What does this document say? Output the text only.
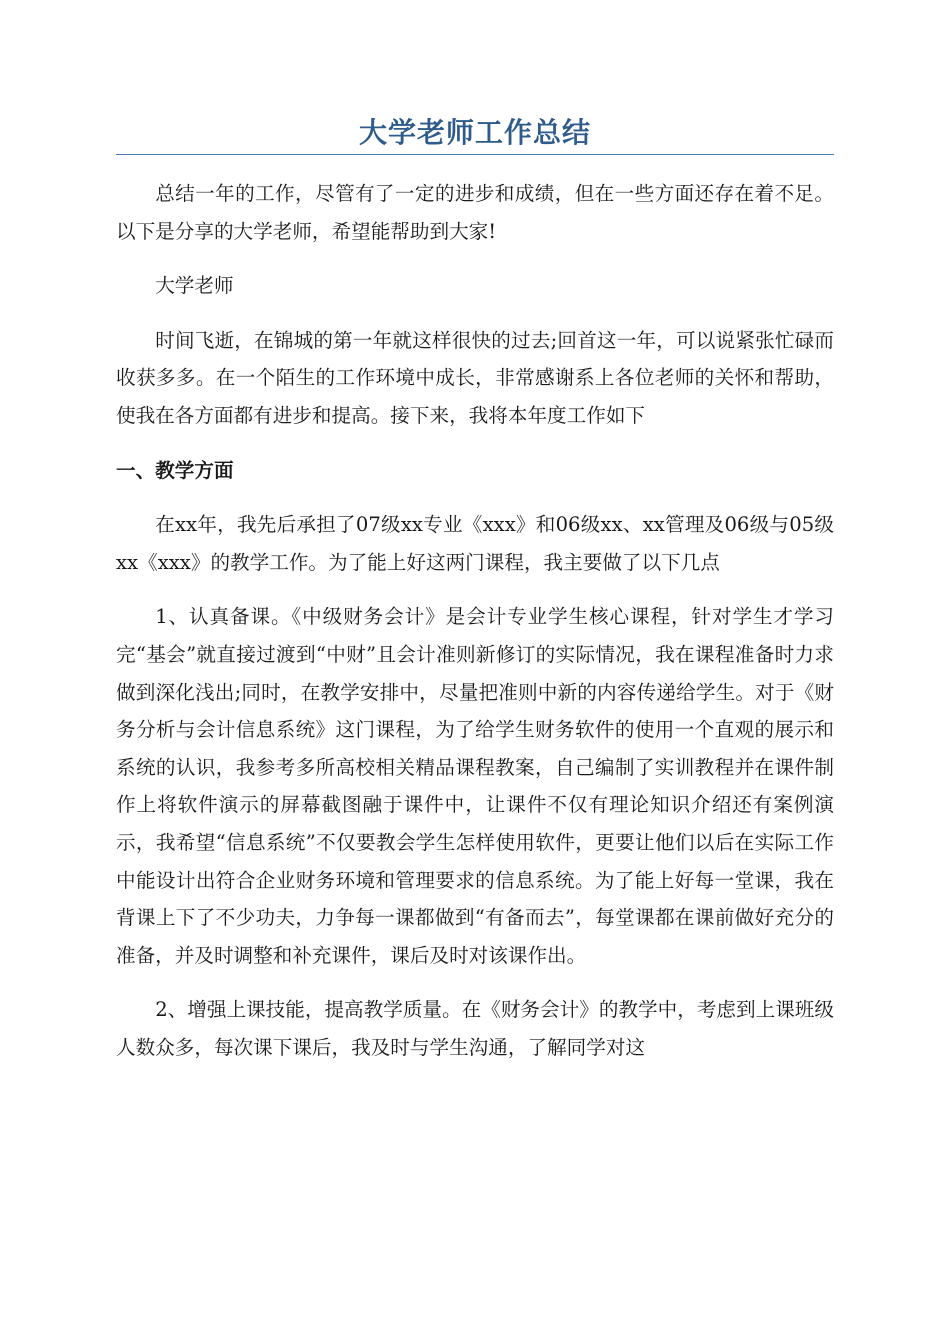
大学老师工作总结

总结一年的工作，尽管有了一定的进步和成绩，但在一些方面还存在着不足。以下是分享的大学老师，希望能帮助到大家!

大学老师

时间飞逝，在锦城的第一年就这样很快的过去;回首这一年，可以说紧张忙碌而收获多多。在一个陌生的工作环境中成长，非常感谢系上各位老师的关怀和帮助，使我在各方面都有进步和提高。接下来，我将本年度工作如下

一、教学方面

在xx年，我先后承担了07级xx专业《xxx》和06级xx、xx管理及06级与05级xx《xxx》的教学工作。为了能上好这两门课程，我主要做了以下几点

1、认真备课。《中级财务会计》是会计专业学生核心课程，针对学生才学习完“基会”就直接过渡到“中财”且会计准则新修订的实际情况，我在课程准备时力求做到深化浅出;同时，在教学安排中，尽量把准则中新的内容传递给学生。对于《财务分析与会计信息系统》这门课程，为了给学生财务软件的使用一个直观的展示和系统的认识，我参考多所高校相关精品课程教案，自己编制了实训教程并在课件制作上将软件演示的屏幕截图融于课件中，让课件不仅有理论知识介绍还有案例演示，我希望“信息系统”不仅要教会学生怎样使用软件，更要让他们以后在实际工作中能设计出符合企业财务环境和管理要求的信息系统。为了能上好每一堂课，我在背课上下了不少功夫，力争每一课都做到“有备而去”，每堂课都在课前做好充分的准备，并及时调整和补充课件，课后及时对该课作出。

2、增强上课技能，提高教学质量。在《财务会计》的教学中，考虑到上课班级人数众多，每次课下课后，我及时与学生沟通，了解同学对这
